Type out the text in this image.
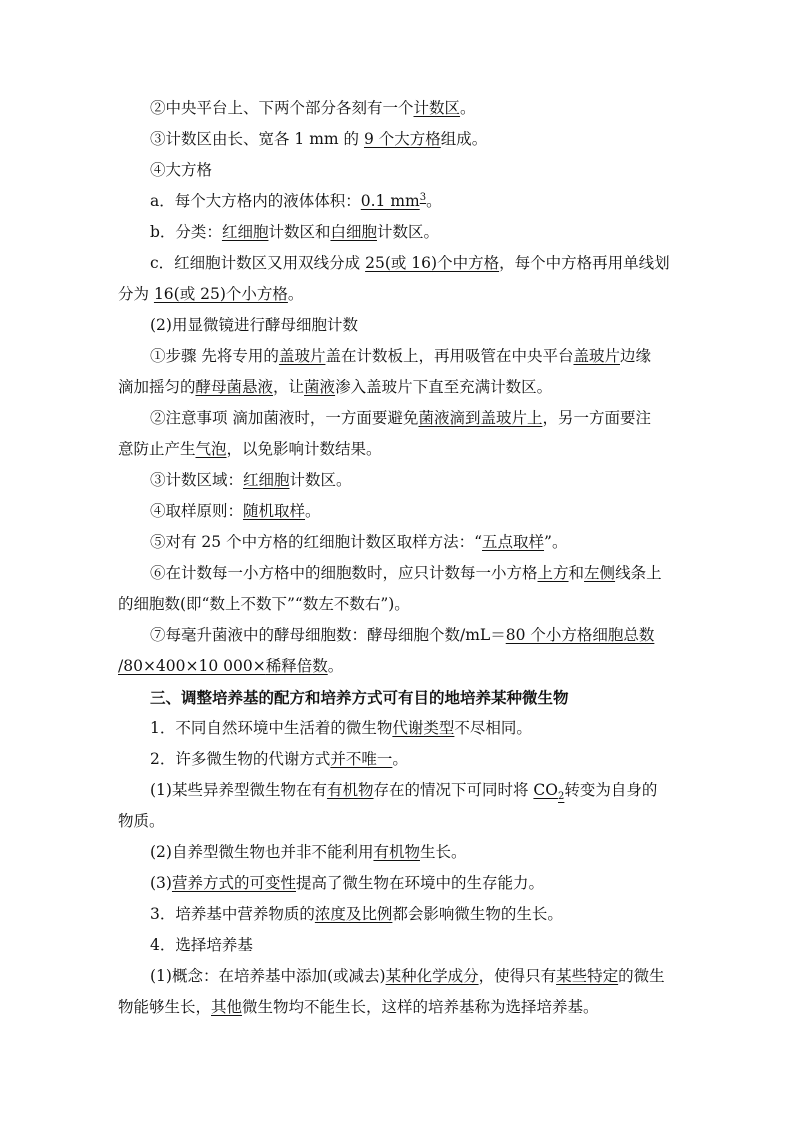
②中央平台上、下两个部分各刻有一个计数区。
③计数区由长、宽各 1 mm 的 9 个大方格组成。
④大方格
a．每个大方格内的液体体积：0.1 $mm^3$。
b．分类：红细胞计数区和白细胞计数区。
c．红细胞计数区又用双线分成 25(或 16)个中方格，每个中方格再用单线划
分为 16(或 25)个小方格。
(2)用显微镜进行酵母细胞计数
①步骤 先将专用的盖玻片盖在计数板上，再用吸管在中央平台盖玻片边缘
滴加摇匀的酵母菌悬液，让菌液渗入盖玻片下直至充满计数区。
②注意事项 滴加菌液时，一方面要避免菌液滴到盖玻片上，另一方面要注
意防止产生气泡，以免影响计数结果。
③计数区域：红细胞计数区。
④取样原则：随机取样。
⑤对有 25 个中方格的红细胞计数区取样方法：“五点取样”。
⑥在计数每一小方格中的细胞数时，应只计数每一小方格上方和左侧线条上
的细胞数(即“数上不数下”“数左不数右”)。
⑦每毫升菌液中的酵母细胞数：酵母细胞个数/mL＝80 个小方格细胞总数
/80×400×10 000×稀释倍数。
三、调整培养基的配方和培养方式可有目的地培养某种微生物
1．不同自然环境中生活着的微生物代谢类型不尽相同。
2．许多微生物的代谢方式并不唯一。
(1)某些异养型微生物在有有机物存在的情况下可同时将 $CO_2$转变为自身的
物质。
(2)自养型微生物也并非不能利用有机物生长。
(3)营养方式的可变性提高了微生物在环境中的生存能力。
3．培养基中营养物质的浓度及比例都会影响微生物的生长。
4．选择培养基
(1)概念：在培养基中添加(或减去)某种化学成分，使得只有某些特定的微生
物能够生长，其他微生物均不能生长，这样的培养基称为选择培养基。
